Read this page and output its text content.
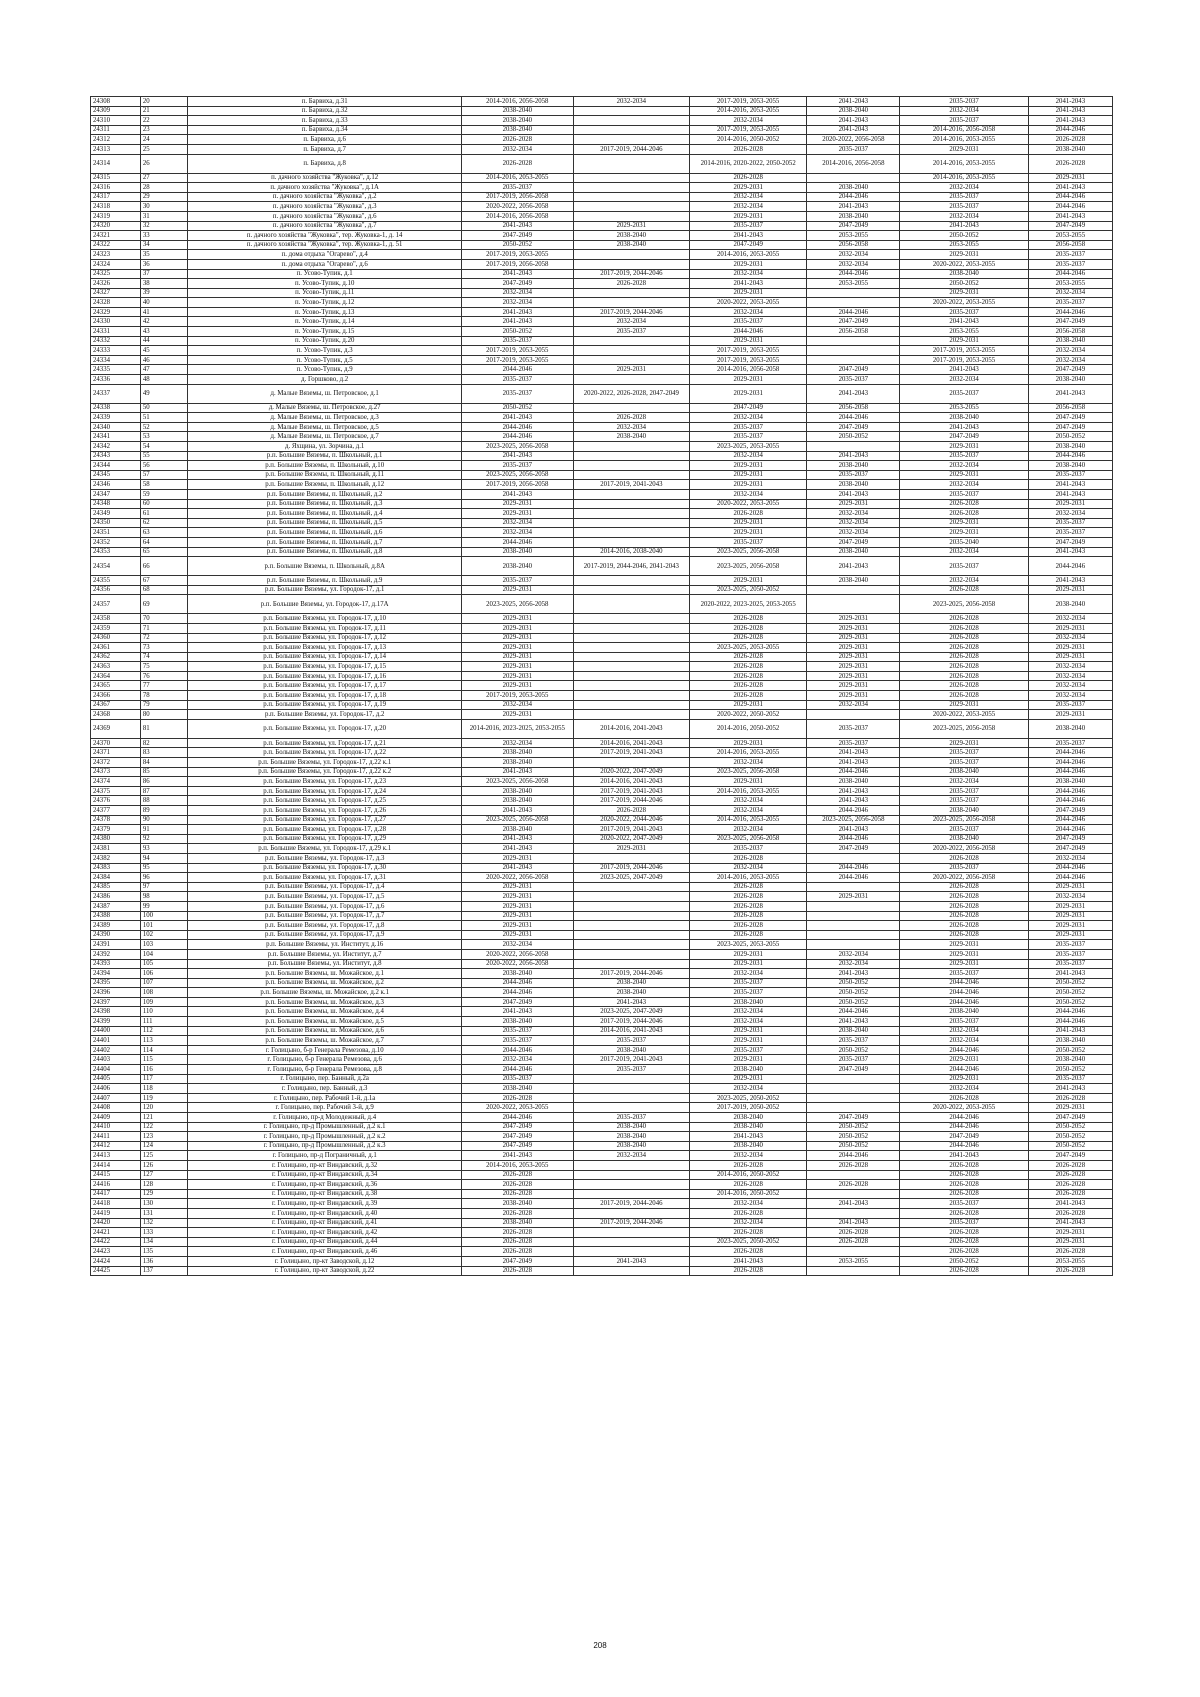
24308	20	п. Барвиха, д.31	2014-2016, 2056-2058	2032-2034	2017-2019, 2053-2055	2041-2043	2035-2037	2041-2043
24309	21	п. Барвиха, д.32	2038-2040		2014-2016, 2053-2055	2038-2040	2032-2034	2041-2043
24310	22	п. Барвиха, д.33	2038-2040		2032-2034	2041-2043	2035-2037	2041-2043
24311	23	п. Барвиха, д.34	2038-2040		2017-2019, 2053-2055	2041-2043	2014-2016, 2056-2058	2044-2046
24312	24	п. Барвиха, д.6	2026-2028		2014-2016, 2050-2052	2020-2022, 2056-2058	2014-2016, 2053-2055	2026-2028
24313	25	п. Барвиха, д.7	2032-2034	2017-2019, 2044-2046	2026-2028	2035-2037	2029-2031	2038-2040
24314	26	п. Барвиха, д.8	2026-2028		2014-2016, 2020-2022, 2050-2052	2014-2016, 2056-2058	2014-2016, 2053-2055	2026-2028
24315	27	п. дачного хозяйства "Жуковка", д.12	2014-2016, 2053-2055		2026-2028		2014-2016, 2053-2055	2029-2031
24316	28	п. дачного хозяйства "Жуковка", д.1А	2035-2037		2029-2031	2038-2040	2032-2034	2041-2043
24317	29	п. дачного хозяйства "Жуковка", д.2	2017-2019, 2056-2058		2032-2034	2044-2046	2035-2037	2044-2046
24318	30	п. дачного хозяйства "Жуковка", д.3	2020-2022, 2056-2058		2032-2034	2041-2043	2035-2037	2044-2046
24319	31	п. дачного хозяйства "Жуковка", д.6	2014-2016, 2056-2058		2029-2031	2038-2040	2032-2034	2041-2043
24320	32	п. дачного хозяйства "Жуковка", д.7	2041-2043	2029-2031	2035-2037	2047-2049	2041-2043	2047-2049
24321	33	п. дачного хозяйства "Жуковка", тер. Жуковка-1, д. 14	2047-2049	2038-2040	2041-2043	2053-2055	2050-2052	2053-2055
24322	34	п. дачного хозяйства "Жуковка", тер. Жуковка-1, д. 51	2050-2052	2038-2040	2047-2049	2056-2058	2053-2055	2056-2058
24323	35	п. дома отдыха "Огарево", д.4	2017-2019, 2053-2055		2014-2016, 2053-2055	2032-2034	2029-2031	2035-2037
24324	36	п. дома отдыха "Огарево", д.6	2017-2019, 2056-2058		2029-2031	2032-2034	2020-2022, 2053-2055	2035-2037
24325	37	п. Усово-Тупик, д.1	2041-2043	2017-2019, 2044-2046	2032-2034	2044-2046	2038-2040	2044-2046
24326	38	п. Усово-Тупик, д.10	2047-2049	2026-2028	2041-2043	2053-2055	2050-2052	2053-2055
24327	39	п. Усово-Тупик, д.11	2032-2034		2029-2031		2029-2031	2032-2034
24328	40	п. Усово-Тупик, д.12	2032-2034		2020-2022, 2053-2055		2020-2022, 2053-2055	2035-2037
24329	41	п. Усово-Тупик, д.13	2041-2043	2017-2019, 2044-2046	2032-2034	2044-2046	2035-2037	2044-2046
24330	42	п. Усово-Тупик, д.14	2041-2043	2032-2034	2035-2037	2047-2049	2041-2043	2047-2049
24331	43	п. Усово-Тупик, д.15	2050-2052	2035-2037	2044-2046	2056-2058	2053-2055	2056-2058
24332	44	п. Усово-Тупик, д.20	2035-2037		2029-2031		2029-2031	2038-2040
24333	45	п. Усово-Тупик, д.3	2017-2019, 2053-2055		2017-2019, 2053-2055		2017-2019, 2053-2055	2032-2034
24334	46	п. Усово-Тупик, д.5	2017-2019, 2053-2055		2017-2019, 2053-2055		2017-2019, 2053-2055	2032-2034
24335	47	п. Усово-Тупик, д.9	2044-2046	2029-2031	2014-2016, 2056-2058	2047-2049	2041-2043	2047-2049
24336	48	д. Горшково, д.2	2035-2037		2029-2031	2035-2037	2032-2034	2038-2040
24337	49	д. Малые Вяземы, ш. Петровское, д.1	2035-2037	2020-2022, 2026-2028, 2047-2049	2029-2031	2041-2043	2035-2037	2041-2043
24338	50	д. Малые Вяземы, ш. Петровское, д.27	2050-2052		2047-2049	2056-2058	2053-2055	2056-2058
24339	51	д. Малые Вяземы, ш. Петровское, д.3	2041-2043	2026-2028	2032-2034	2044-2046	2038-2040	2047-2049
24340	52	д. Малые Вяземы, ш. Петровское, д.5	2044-2046	2032-2034	2035-2037	2047-2049	2041-2043	2047-2049
24341	53	д. Малые Вяземы, ш. Петровское, д.7	2044-2046	2038-2040	2035-2037	2050-2052	2047-2049	2050-2052
24342	54	д. Яхщина, ул. Зорчина, д.1	2023-2025, 2056-2058		2023-2025, 2053-2055		2029-2031	2038-2040
24343	55	р.п. Большие Вяземы, п. Школьный, д.1	2041-2043		2032-2034	2041-2043	2035-2037	2044-2046
24344	56	р.п. Большие Вяземы, п. Школьный, д.10	2035-2037		2029-2031	2038-2040	2032-2034	2038-2040
24345	57	р.п. Большие Вяземы, п. Школьный, д.11	2023-2025, 2056-2058		2029-2031	2035-2037	2029-2031	2035-2037
24346	58	р.п. Большие Вяземы, п. Школьный, д.12	2017-2019, 2056-2058	2017-2019, 2041-2043	2029-2031	2038-2040	2032-2034	2041-2043
24347	59	р.п. Большие Вяземы, п. Школьный, д.2	2041-2043		2032-2034	2041-2043	2035-2037	2041-2043
24348	60	р.п. Большие Вяземы, п. Школьный, д.3	2029-2031		2020-2022, 2053-2055	2029-2031	2026-2028	2029-2031
24349	61	р.п. Большие Вяземы, п. Школьный, д.4	2029-2031		2026-2028	2032-2034	2026-2028	2032-2034
24350	62	р.п. Большие Вяземы, п. Школьный, д.5	2032-2034		2029-2031	2032-2034	2029-2031	2035-2037
24351	63	р.п. Большие Вяземы, п. Школьный, д.6	2032-2034		2029-2031	2032-2034	2029-2031	2035-2037
24352	64	р.п. Большие Вяземы, п. Школьный, д.7	2044-2046		2035-2037	2047-2049	2035-2040	2047-2049
24353	65	р.п. Большие Вяземы, п. Школьный, д.8	2038-2040	2014-2016, 2038-2040	2023-2025, 2056-2058	2038-2040	2032-2034	2041-2043
24354	66	р.п. Большие Вяземы, п. Школьный, д.8А	2038-2040	2017-2019, 2044-2046, 2041-2043	2023-2025, 2056-2058	2041-2043	2035-2037	2044-2046
24355	67	р.п. Большие Вяземы, п. Школьный, д.9	2035-2037		2029-2031	2038-2040	2032-2034	2041-2043
24356	68	р.п. Большие Вяземы, ул. Городок-17, д.1	2029-2031		2023-2025, 2050-2052		2026-2028	2029-2031
24357	69	р.п. Большие Вяземы, ул. Городок-17, д.17А	2023-2025, 2056-2058		2020-2022, 2023-2025, 2053-2055		2023-2025, 2056-2058	2038-2040
24358	70	р.п. Большие Вяземы, ул. Городок-17, д.10	2029-2031		2026-2028	2029-2031	2026-2028	2032-2034
24359	71	р.п. Большие Вяземы, ул. Городок-17, д.11	2029-2031		2026-2028	2029-2031	2026-2028	2029-2031
24360	72	р.п. Большие Вяземы, ул. Городок-17, д.12	2029-2031		2026-2028	2029-2031	2026-2028	2032-2034
24361	73	р.п. Большие Вяземы, ул. Городок-17, д.13	2029-2031		2023-2025, 2053-2055	2029-2031	2026-2028	2029-2031
24362	74	р.п. Большие Вяземы, ул. Городок-17, д.14	2029-2031		2026-2028	2029-2031	2026-2028	2029-2031
24363	75	р.п. Большие Вяземы, ул. Городок-17, д.15	2029-2031		2026-2028	2029-2031	2026-2028	2032-2034
24364	76	р.п. Большие Вяземы, ул. Городок-17, д.16	2029-2031		2026-2028	2029-2031	2026-2028	2032-2034
24365	77	р.п. Большие Вяземы, ул. Городок-17, д.17	2029-2031		2026-2028	2029-2031	2026-2028	2032-2034
24366	78	р.п. Большие Вяземы, ул. Городок-17, д.18	2017-2019, 2053-2055		2026-2028	2029-2031	2026-2028	2032-2034
24367	79	р.п. Большие Вяземы, ул. Городок-17, д.19	2032-2034		2029-2031	2032-2034	2029-2031	2035-2037
24368	80	р.п. Большие Вяземы, ул. Городок-17, д.2	2029-2031		2020-2022, 2050-2052		2020-2022, 2053-2055	2029-2031
24369	81	р.п. Большие Вяземы, ул. Городок-17, д.20	2014-2016, 2023-2025, 2053-2055	2014-2016, 2041-2043	2014-2016, 2050-2052	2035-2037	2023-2025, 2056-2058	2038-2040
24370	82	р.п. Большие Вяземы, ул. Городок-17, д.21	2032-2034	2014-2016, 2041-2043	2029-2031	2035-2037	2029-2031	2035-2037
24371	83	р.п. Большие Вяземы, ул. Городок-17, д.22	2038-2040	2017-2019, 2041-2043	2014-2016, 2053-2055	2041-2043	2035-2037	2044-2046
24372	84	р.п. Большие Вяземы, ул. Городок-17, д.22 к.1	2038-2040		2032-2034	2041-2043	2035-2037	2044-2046
24373	85	р.п. Большие Вяземы, ул. Городок-17, д.22 к.2	2041-2043	2020-2022, 2047-2049	2023-2025, 2056-2058	2044-2046	2038-2040	2044-2046
24374	86	р.п. Большие Вяземы, ул. Городок-17, д.23	2023-2025, 2056-2058	2014-2016, 2041-2043	2029-2031	2038-2040	2032-2034	2038-2040
24375	87	р.п. Большие Вяземы, ул. Городок-17, д.24	2038-2040	2017-2019, 2041-2043	2014-2016, 2053-2055	2041-2043	2035-2037	2044-2046
24376	88	р.п. Большие Вяземы, ул. Городок-17, д.25	2038-2040	2017-2019, 2044-2046	2032-2034	2041-2043	2035-2037	2044-2046
24377	89	р.п. Большие Вяземы, ул. Городок-17, д.26	2041-2043	2026-2028	2032-2034	2044-2046	2038-2040	2047-2049
24378	90	р.п. Большие Вяземы, ул. Городок-17, д.27	2023-2025, 2056-2058	2020-2022, 2044-2046	2014-2016, 2053-2055	2023-2025, 2056-2058	2023-2025, 2056-2058	2044-2046
24379	91	р.п. Большие Вяземы, ул. Городок-17, д.28	2038-2040	2017-2019, 2041-2043	2032-2034	2041-2043	2035-2037	2044-2046
24380	92	р.п. Большие Вяземы, ул. Городок-17, д.29	2041-2043	2020-2022, 2047-2049	2023-2025, 2056-2058	2044-2046	2038-2040	2047-2049
24381	93	р.п. Большие Вяземы, ул. Городок-17, д.29 к.1	2041-2043	2029-2031	2035-2037	2047-2049	2020-2022, 2056-2058	2047-2049
24382	94	р.п. Большие Вяземы, ул. Городок-17, д.3	2029-2031		2026-2028		2026-2028	2032-2034
24383	95	р.п. Большие Вяземы, ул. Городок-17, д.30	2041-2043	2017-2019, 2044-2046	2032-2034	2044-2046	2035-2037	2044-2046
24384	96	р.п. Большие Вяземы, ул. Городок-17, д.31	2020-2022, 2056-2058	2023-2025, 2047-2049	2014-2016, 2053-2055	2044-2046	2020-2022, 2056-2058	2044-2046
24385	97	р.п. Большие Вяземы, ул. Городок-17, д.4	2029-2031		2026-2028		2026-2028	2029-2031
24386	98	р.п. Большие Вяземы, ул. Городок-17, д.5	2029-2031		2026-2028	2029-2031	2026-2028	2032-2034
24387	99	р.п. Большие Вяземы, ул. Городок-17, д.6	2029-2031		2026-2028		2026-2028	2029-2031
24388	100	р.п. Большие Вяземы, ул. Городок-17, д.7	2029-2031		2026-2028		2026-2028	2029-2031
24389	101	р.п. Большие Вяземы, ул. Городок-17, д.8	2029-2031		2026-2028		2026-2028	2029-2031
24390	102	р.п. Большие Вяземы, ул. Городок-17, д.9	2029-2031		2026-2028		2026-2028	2029-2031
24391	103	р.п. Большие Вяземы, ул. Институт, д.16	2032-2034		2023-2025, 2053-2055		2029-2031	2035-2037
24392	104	р.п. Большие Вяземы, ул. Институт, д.7	2020-2022, 2056-2058		2029-2031	2032-2034	2029-2031	2035-2037
24393	105	р.п. Большие Вяземы, ул. Институт, д.8	2020-2022, 2056-2058		2029-2031	2032-2034	2029-2031	2035-2037
24394	106	р.п. Большие Вяземы, ш. Можайское, д.1	2038-2040	2017-2019, 2044-2046	2032-2034	2041-2043	2035-2037	2041-2043
24395	107	р.п. Большие Вяземы, ш. Можайское, д.2	2044-2046	2038-2040	2035-2037	2050-2052	2044-2046	2050-2052
24396	108	р.п. Большие Вяземы, ш. Можайское, д.2 к.1	2044-2046	2038-2040	2035-2037	2050-2052	2044-2046	2050-2052
24397	109	р.п. Большие Вяземы, ш. Можайское, д.3	2047-2049	2041-2043	2038-2040	2050-2052	2044-2046	2050-2052
24398	110	р.п. Большие Вяземы, ш. Можайское, д.4	2041-2043	2023-2025, 2047-2049	2032-2034	2044-2046	2038-2040	2044-2046
24399	111	р.п. Большие Вяземы, ш. Можайское, д.5	2038-2040	2017-2019, 2044-2046	2032-2034	2041-2043	2035-2037	2044-2046
24400	112	р.п. Большие Вяземы, ш. Можайское, д.6	2035-2037	2014-2016, 2041-2043	2029-2031	2038-2040	2032-2034	2041-2043
24401	113	р.п. Большие Вяземы, ш. Можайское, д.7	2035-2037	2035-2037	2029-2031	2035-2037	2032-2034	2038-2040
24402	114	г. Голицыно, б-р Генерала Ремезова, д.10	2044-2046	2038-2040	2035-2037	2050-2052	2044-2046	2050-2052
24403	115	г. Голицыно, б-р Генерала Ремезова, д.6	2032-2034	2017-2019, 2041-2043	2029-2031	2035-2037	2029-2031	2038-2040
24404	116	г. Голицыно, б-р Генерала Ремезова, д.8	2044-2046	2035-2037	2038-2040	2047-2049	2044-2046	2050-2052
24405	117	г. Голицыно, пер. Банный, д.2а	2035-2037		2029-2031		2029-2031	2035-2037
24406	118	г. Голицыно, пер. Банный, д.3	2038-2040		2032-2034		2032-2034	2041-2043
24407	119	г. Голицыно, пер. Рабочий 1-й, д.1а	2026-2028		2023-2025, 2050-2052		2026-2028	2026-2028
24408	120	г. Голицыно, пер. Рабочий 3-й, д.9	2020-2022, 2053-2055		2017-2019, 2050-2052		2020-2022, 2053-2055	2029-2031
24409	121	г. Голицыно, пр-д Молодежный, д.4	2044-2046	2035-2037	2038-2040	2047-2049	2044-2046	2047-2049
24410	122	г. Голицыно, пр-д Промышленный, д.2 к.1	2047-2049	2038-2040	2038-2040	2050-2052	2044-2046	2050-2052
24411	123	г. Голицыно, пр-д Промышленный, д.2 к.2	2047-2049	2038-2040	2041-2043	2050-2052	2047-2049	2050-2052
24412	124	г. Голицыно, пр-д Промышленный, д.2 к.3	2047-2049	2038-2040	2038-2040	2050-2052	2044-2046	2050-2052
24413	125	г. Голицыно, пр-д Пограничный, д.1	2041-2043	2032-2034	2032-2034	2044-2046	2041-2043	2047-2049
24414	126	г. Голицыно, пр-кт Виндавский, д.32	2014-2016, 2053-2055		2026-2028	2026-2028	2026-2028	2026-2028
24415	127	г. Голицыно, пр-кт Виндавский, д.34	2026-2028		2014-2016, 2050-2052		2026-2028	2026-2028
24416	128	г. Голицыно, пр-кт Виндавский, д.36	2026-2028		2026-2028	2026-2028	2026-2028	2026-2028
24417	129	г. Голицыно, пр-кт Виндавский, д.38	2026-2028		2014-2016, 2050-2052		2026-2028	2026-2028
24418	130	г. Голицыно, пр-кт Виндавский, д.39	2038-2040	2017-2019, 2044-2046	2032-2034	2041-2043	2035-2037	2041-2043
24419	131	г. Голицыно, пр-кт Виндавский, д.40	2026-2028		2026-2028		2026-2028	2026-2028
24420	132	г. Голицыно, пр-кт Виндавский, д.41	2038-2040	2017-2019, 2044-2046	2032-2034	2041-2043	2035-2037	2041-2043
24421	133	г. Голицыно, пр-кт Виндавский, д.42	2026-2028		2026-2028	2026-2028	2026-2028	2029-2031
24422	134	г. Голицыно, пр-кт Виндавский, д.44	2026-2028		2023-2025, 2050-2052	2026-2028	2026-2028	2029-2031
24423	135	г. Голицыно, пр-кт Виндавский, д.46	2026-2028		2026-2028		2026-2028	2026-2028
24424	136	г. Голицыно, пр-кт Заводской, д.12	2047-2049	2041-2043	2041-2043	2053-2055	2050-2052	2053-2055
24425	137	г. Голицыно, пр-кт Заводской, д.22	2026-2028		2026-2028		2026-2028	2026-2028
208
